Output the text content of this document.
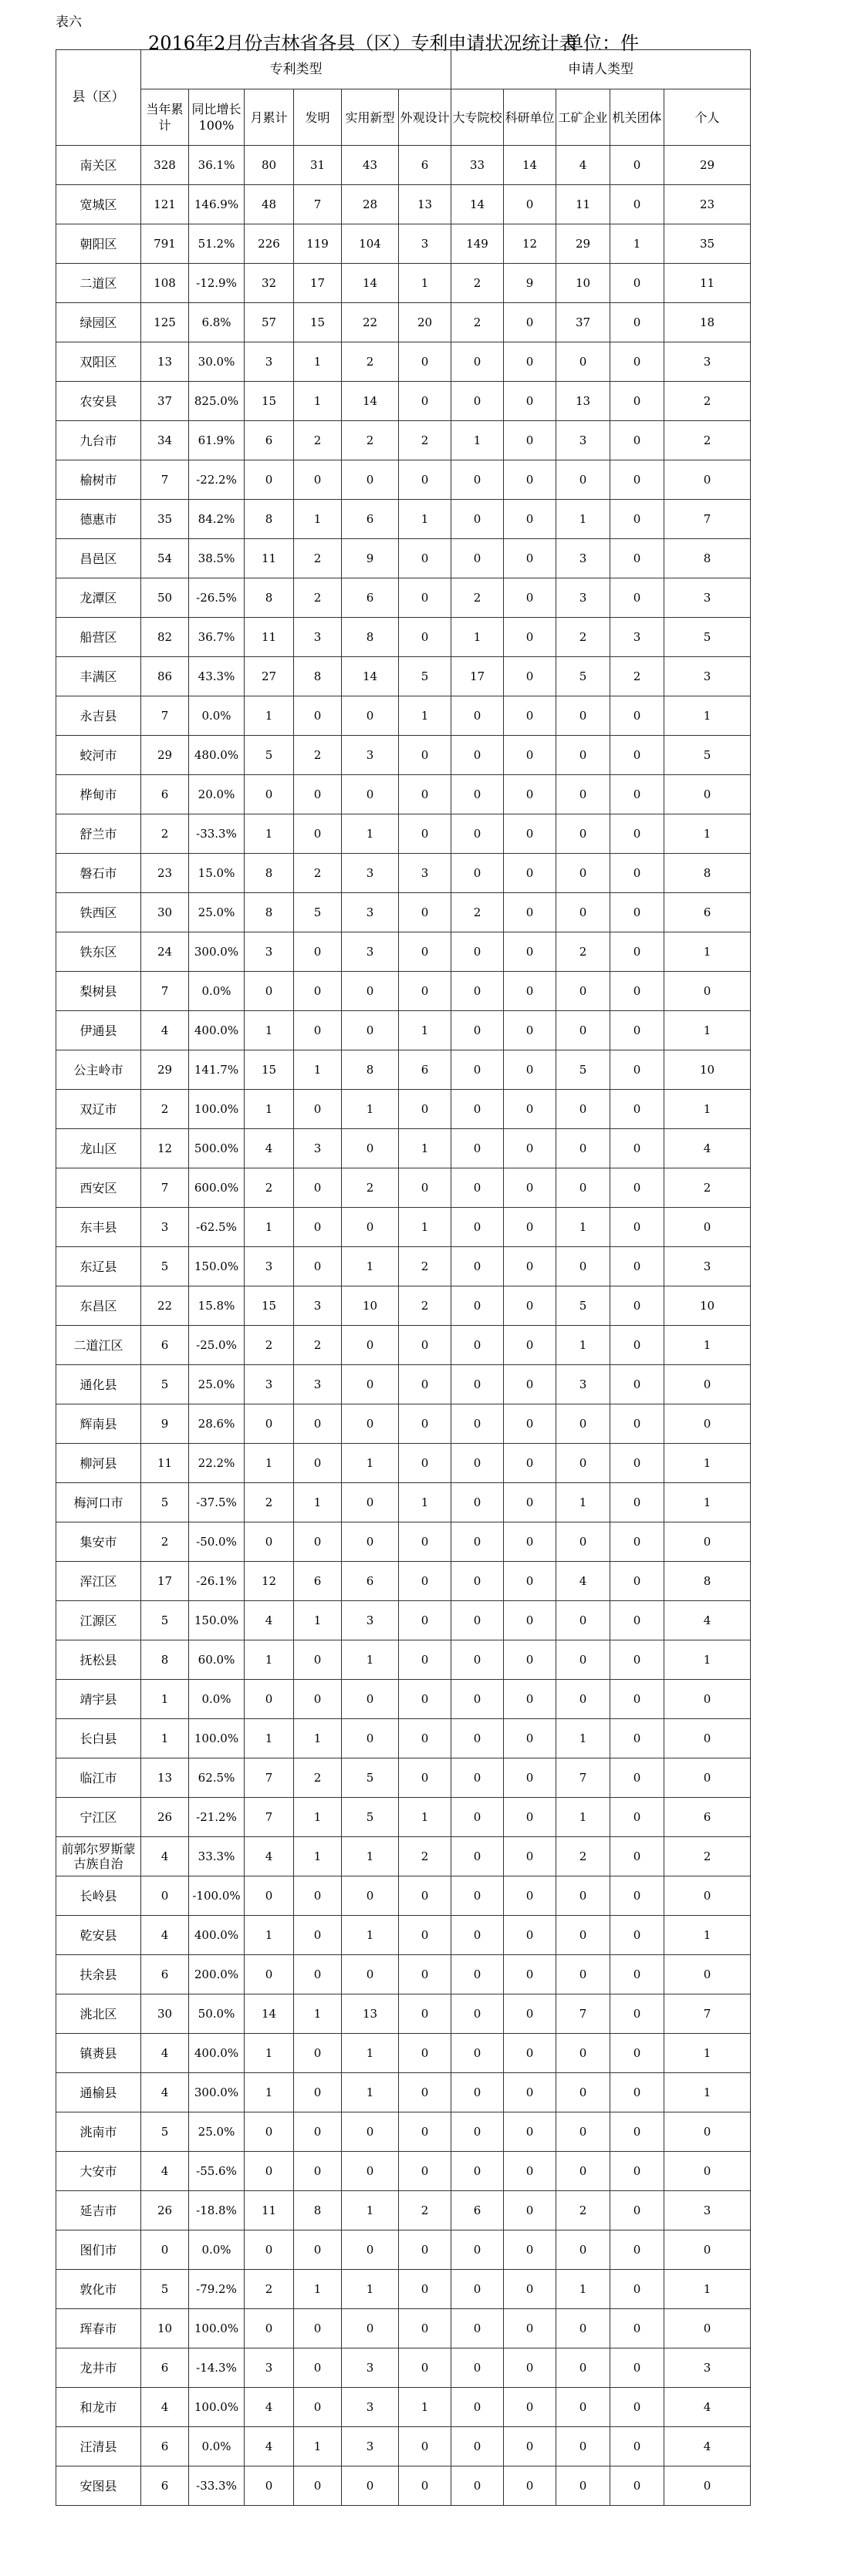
表六
2016年2月份吉林省各县（区）专利申请状况统计表
单位：件
县（区）	专利类型	申请人类型
当年累计	同比增长100%	月累计	发明	实用新型	外观设计	大专院校	科研单位	工矿企业	机关团体	个人
南关区	328	36.1%	80	31	43	6	33	14	4	0	29
宽城区	121	146.9%	48	7	28	13	14	0	11	0	23
朝阳区	791	51.2%	226	119	104	3	149	12	29	1	35
二道区	108	-12.9%	32	17	14	1	2	9	10	0	11
绿园区	125	6.8%	57	15	22	20	2	0	37	0	18
双阳区	13	30.0%	3	1	2	0	0	0	0	0	3
农安县	37	825.0%	15	1	14	0	0	0	13	0	2
九台市	34	61.9%	6	2	2	2	1	0	3	0	2
榆树市	7	-22.2%	0	0	0	0	0	0	0	0	0
德惠市	35	84.2%	8	1	6	1	0	0	1	0	7
昌邑区	54	38.5%	11	2	9	0	0	0	3	0	8
龙潭区	50	-26.5%	8	2	6	0	2	0	3	0	3
船营区	82	36.7%	11	3	8	0	1	0	2	3	5
丰满区	86	43.3%	27	8	14	5	17	0	5	2	3
永吉县	7	0.0%	1	0	0	1	0	0	0	0	1
蛟河市	29	480.0%	5	2	3	0	0	0	0	0	5
桦甸市	6	20.0%	0	0	0	0	0	0	0	0	0
舒兰市	2	-33.3%	1	0	1	0	0	0	0	0	1
磐石市	23	15.0%	8	2	3	3	0	0	0	0	8
铁西区	30	25.0%	8	5	3	0	2	0	0	0	6
铁东区	24	300.0%	3	0	3	0	0	0	2	0	1
梨树县	7	0.0%	0	0	0	0	0	0	0	0	0
伊通县	4	400.0%	1	0	0	1	0	0	0	0	1
公主岭市	29	141.7%	15	1	8	6	0	0	5	0	10
双辽市	2	100.0%	1	0	1	0	0	0	0	0	1
龙山区	12	500.0%	4	3	0	1	0	0	0	0	4
西安区	7	600.0%	2	0	2	0	0	0	0	0	2
东丰县	3	-62.5%	1	0	0	1	0	0	1	0	0
东辽县	5	150.0%	3	0	1	2	0	0	0	0	3
东昌区	22	15.8%	15	3	10	2	0	0	5	0	10
二道江区	6	-25.0%	2	2	0	0	0	0	1	0	1
通化县	5	25.0%	3	3	0	0	0	0	3	0	0
辉南县	9	28.6%	0	0	0	0	0	0	0	0	0
柳河县	11	22.2%	1	0	1	0	0	0	0	0	1
梅河口市	5	-37.5%	2	1	0	1	0	0	1	0	1
集安市	2	-50.0%	0	0	0	0	0	0	0	0	0
浑江区	17	-26.1%	12	6	6	0	0	0	4	0	8
江源区	5	150.0%	4	1	3	0	0	0	0	0	4
抚松县	8	60.0%	1	0	1	0	0	0	0	0	1
靖宇县	1	0.0%	0	0	0	0	0	0	0	0	0
长白县	1	100.0%	1	1	0	0	0	0	1	0	0
临江市	13	62.5%	7	2	5	0	0	0	7	0	0
宁江区	26	-21.2%	7	1	5	1	0	0	1	0	6
前郭尔罗斯蒙古族自治	4	33.3%	4	1	1	2	0	0	2	0	2
长岭县	0	-100.0%	0	0	0	0	0	0	0	0	0
乾安县	4	400.0%	1	0	1	0	0	0	0	0	1
扶余县	6	200.0%	0	0	0	0	0	0	0	0	0
洮北区	30	50.0%	14	1	13	0	0	0	7	0	7
镇赉县	4	400.0%	1	0	1	0	0	0	0	0	1
通榆县	4	300.0%	1	0	1	0	0	0	0	0	1
洮南市	5	25.0%	0	0	0	0	0	0	0	0	0
大安市	4	-55.6%	0	0	0	0	0	0	0	0	0
延吉市	26	-18.8%	11	8	1	2	6	0	2	0	3
图们市	0	0.0%	0	0	0	0	0	0	0	0	0
敦化市	5	-79.2%	2	1	1	0	0	0	1	0	1
珲春市	10	100.0%	0	0	0	0	0	0	0	0	0
龙井市	6	-14.3%	3	0	3	0	0	0	0	0	3
和龙市	4	100.0%	4	0	3	1	0	0	0	0	4
汪清县	6	0.0%	4	1	3	0	0	0	0	0	4
安图县	6	-33.3%	0	0	0	0	0	0	0	0	0
